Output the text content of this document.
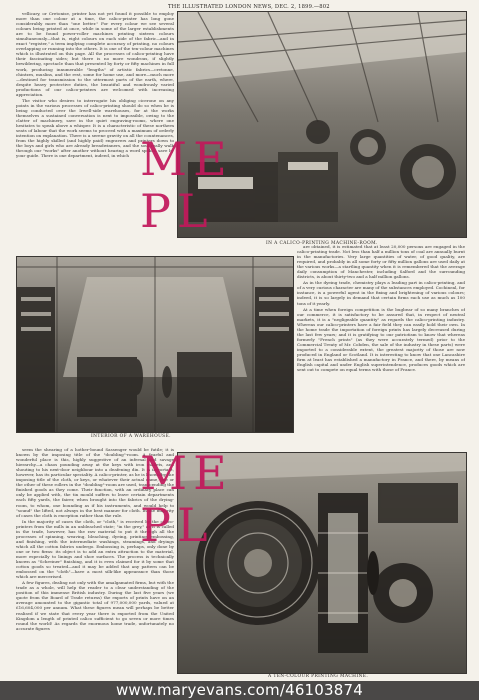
THE ILLUSTRATED LONDON NEWS, DEC. 2, 1899.—802

vellicary, or Cretonise, printer has not yet found it possible to employ more than one colour at a time, the calico-printer has long gone considerably more than "one better." For every colour we see several colours being printed at once, while in some of the larger establishments are to be found power-roller machines printing sixteen colours simultaneously—that is, eight colours on each side of the fabric—and in exact "register," a term implying complete accuracy of printing, no colours overlapping or running into the others. It is one of the ten-colour machines which is illustrated on this page. All the processes of calico-printing have their fascinating sides; but there is no more wondrous, if slightly bewildering, spectacle than that presented by forty or fifty machines in full work, producing innumerable "lengths" of artistic fabrics—cretonne, chintzes, muslins, and the rest, some for home use, and more—much more—destined for transmission to the uttermost parts of the earth, where, despite heavy protective duties, the beautiful and wondrously varied productions of our calico-printers are welcomed with increasing appreciation.

The visitor who desires to interrogate his obliging cicerone on any points in the various processes of calico-printing should do so when he is being conducted over the Irwell-side warehouses, for at the works themselves a sustained conversation is next to impossible, owing to the clatter of machinery, save in the quiet engraving-rooms, where one hesitates to speak above a whisper. It is a characteristic of these northern seats of labour that the work seems to proceed with a maximum of orderly intention on explanation. There is a serene gravity on all the countenances, from the highly skilled (and highly paid) engravers and printers down to the boys and girls who are already breadwinners, and the soul really walk through our "works" after another without hearing a word spoken save by your guide. There is one department, indeed, in which

IN A CALICO-PRINTING MACHINE-ROOM.
INTERIOR OF A WAREHOUSE.

are obtained, it is estimated that at least 20,000 persons are engaged in the calico-printing trade. Not less than half a million tons of coal are annually burnt in the manufactories. Very large quantities of water, of good quality, are required, and probably in all some forty or fifty million gallons are used daily at the various works—a startling quantity when it is remembered that the average daily consumption of Manchester, including Salford and the surrounding districts, is about thirty-two and a half million gallons.

As in the dyeing trade, chemistry plays a leading part in calico-printing, and of a very curious character are many of the substances employed. Cochineal, for instance, is a powerful agent in the fixing and brightening of various colours; indeed, it is so largely in demand that certain firms each use as much as 100 tons of it yearly.

At a time when foreign competition is the bugbear of so many branches of our commerce, it is satisfactory to be assured that, in respect of neutral markets, it is a "negligeable quantity" as regards the calico-printing industry. Whereas our calico-printers have a fair field they can easily hold their own. In the home trade the importation of foreign prints has largely decreased during the last few years; and it is gratifying to our patriotism to know that whereas formerly "French prints" (as they were accurately termed) prior to the Commercial Treaty of Mr. Cobden, the sale of the industry in these parts) were imported to a considerable extent, the greatest majority of those are now produced in England or Scotland. It is interesting to know that one Lancashire firm at least has established a manufactory in France, and there, by means of English capital and under English superintendence, produces goods which are sent out to compete on equal terms with those of France.

seem the shearing of a hother-bound Sassenger would be futile; it is known by the imposing title of the "doubling"-room. A fearful and wonderful place is this, highly suggestive of an infernal and savage hierarchy—a chaos pounding away at the keys with iron mallets, and shouting to his next-door neighbour into a deafening din. It is important, however, has its particular speciality. A calico-printer, as he is known by the imposing title of the cloth, or keys, or whatever their actual name, one or the other of these rollers in the "doubling"-room are used, transcending the finished goods as they come. Their function, with an ordinary place can only be applied with, the tin mould suffers to leave certain departments each fifty yards, the fairer, when brought into the fabrics of the drying-room, to whom, one bounding as if his instruments, and would help to "sound" the lifted, not always in the best manner for cloth. In the majority of cases the cloth is exception rather than the rule.

In the majority of cases the cloth, or "cloth," is received by the calico-printers from the mills in an unbleached state; "in the grey," as it is called in the trade, however, has the raw material to put it through all the processes of spinning, weaving, bleaching, dyeing, printing, embossing, and finishing, with the intermediate washings, steamings, and dryings which all the cotton fabrics undergo. Embossing is, perhaps, only done by one or two firms: its object is to add an extra attraction to the material, more especially to linings and shoe surfaces. The process is technically known as "Schreiner" finishing, and it is even claimed for it by some that cotton goods so treated—and it may be added that any pattern can be embossed on the "cloth"—have a most silk-like appearance than those which are mercerised.

A few figures, dealing not only with the amalgamated firms, but with the trade as a whole, will help the reader to a clear understanding of the position of this immense British industry. During the last five years (we quote from the Board of Trade returns) the exports of prints have on an average amounted to the gigantic total of 977,000,000 yards, valued at £16,604,000 per annum. What these figures mean will perhaps be better realised if we state that every year there is exported from the United Kingdom a length of printed calico sufficient to go seven or more times round the world! As regards the enormous home trade, unfortunately no accurate figures

A TEN-COLOUR PRINTING MACHINE.
ME
PL
ME
PL
www.maryevans.com/46103874
